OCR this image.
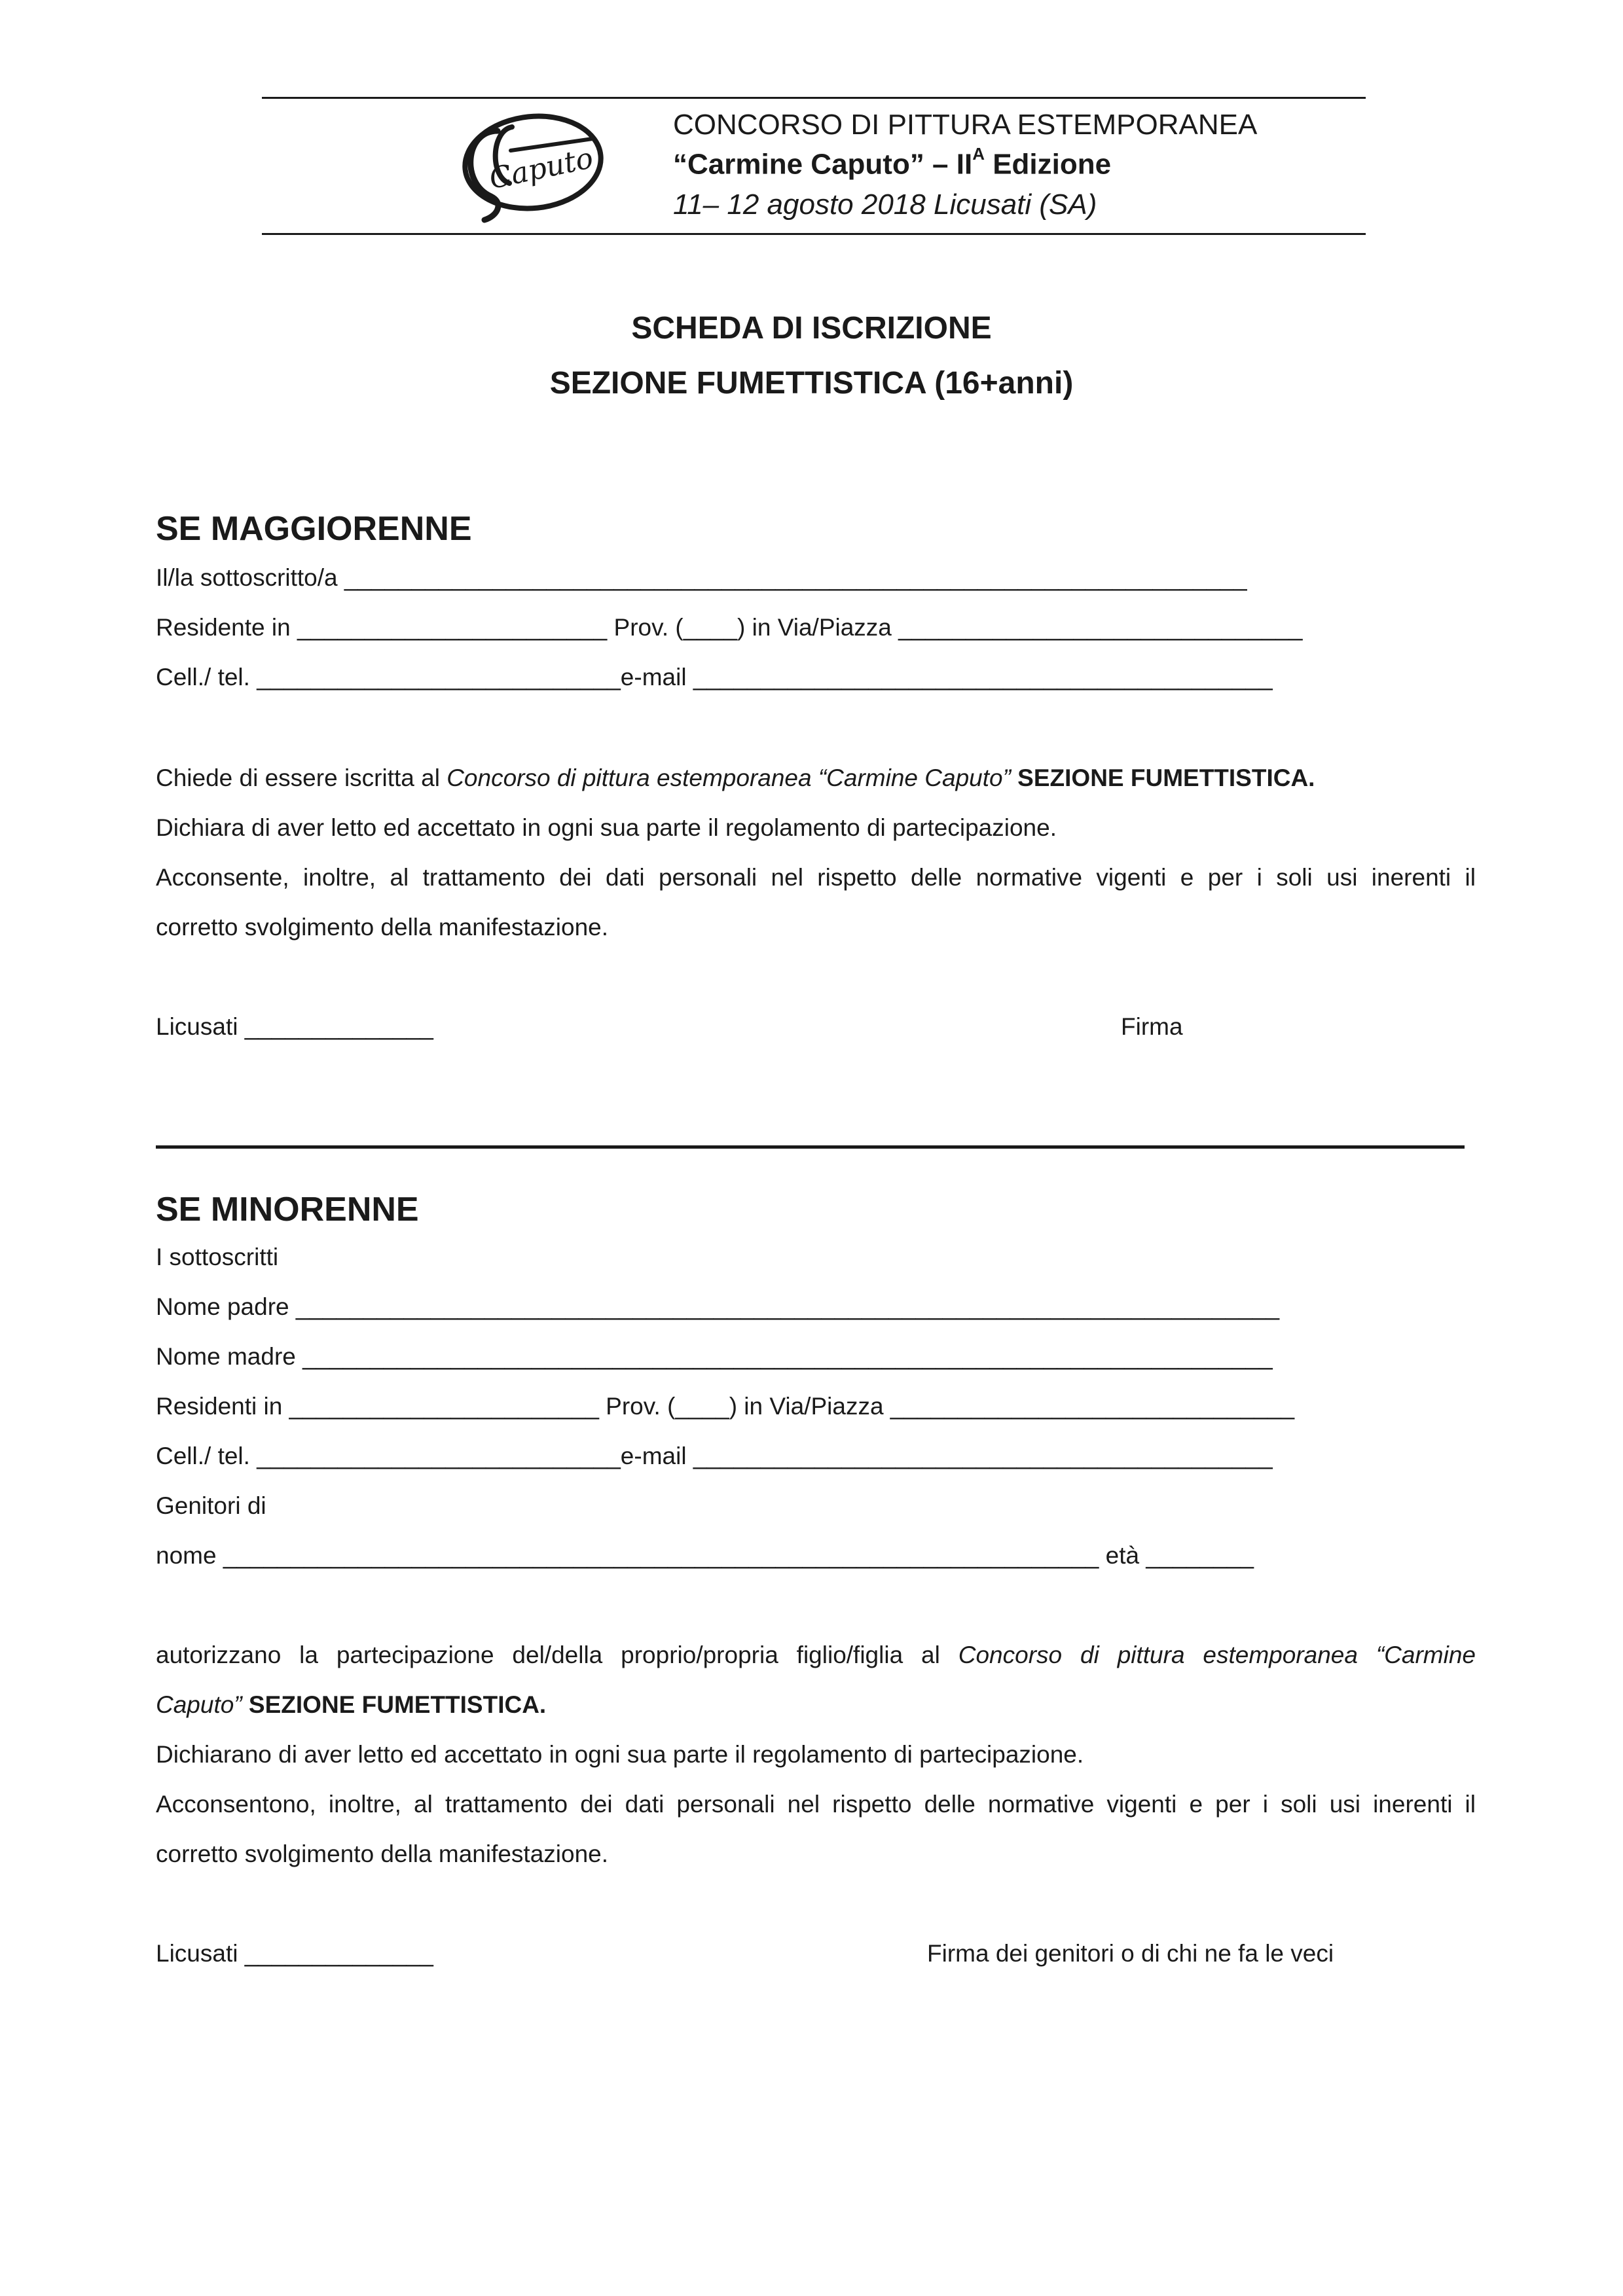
Caputo
CONCORSO DI PITTURA ESTEMPORANEA
“Carmine Caputo” – $II^A$ Edizione
11– 12 agosto 2018 Licusati (SA)
SCHEDA DI ISCRIZIONE
SEZIONE FUMETTISTICA (16+anni)
SE MAGGIORENNE
Il/la sottoscritto/a ___________________________________________________________________
Residente in _______________________ Prov. (____) in Via/Piazza ______________________________
Cell./ tel. ___________________________e-mail ___________________________________________
Chiede di essere iscritta al Concorso di pittura estemporanea “Carmine Caputo” SEZIONE FUMETTISTICA.
Dichiara di aver letto ed accettato in ogni sua parte il regolamento di partecipazione.
Acconsente, inoltre, al trattamento dei dati personali nel rispetto delle normative vigenti e per i soli usi inerenti il
corretto svolgimento della manifestazione.
Licusati ______________	Firma
SE MINORENNE
I sottoscritti
Nome padre _________________________________________________________________________
Nome madre ________________________________________________________________________
Residenti in _______________________ Prov. (____) in Via/Piazza ______________________________
Cell./ tel. ___________________________e-mail ___________________________________________
Genitori di
nome _________________________________________________________________ età ________
autorizzano la partecipazione del/della proprio/propria figlio/figlia al Concorso di pittura estemporanea “Carmine
Caputo” SEZIONE FUMETTISTICA.
Dichiarano di aver letto ed accettato in ogni sua parte il regolamento di partecipazione.
Acconsentono, inoltre, al trattamento dei dati personali nel rispetto delle normative vigenti e per i soli usi inerenti il
corretto svolgimento della manifestazione.
Licusati ______________	Firma dei genitori o di chi ne fa le veci
